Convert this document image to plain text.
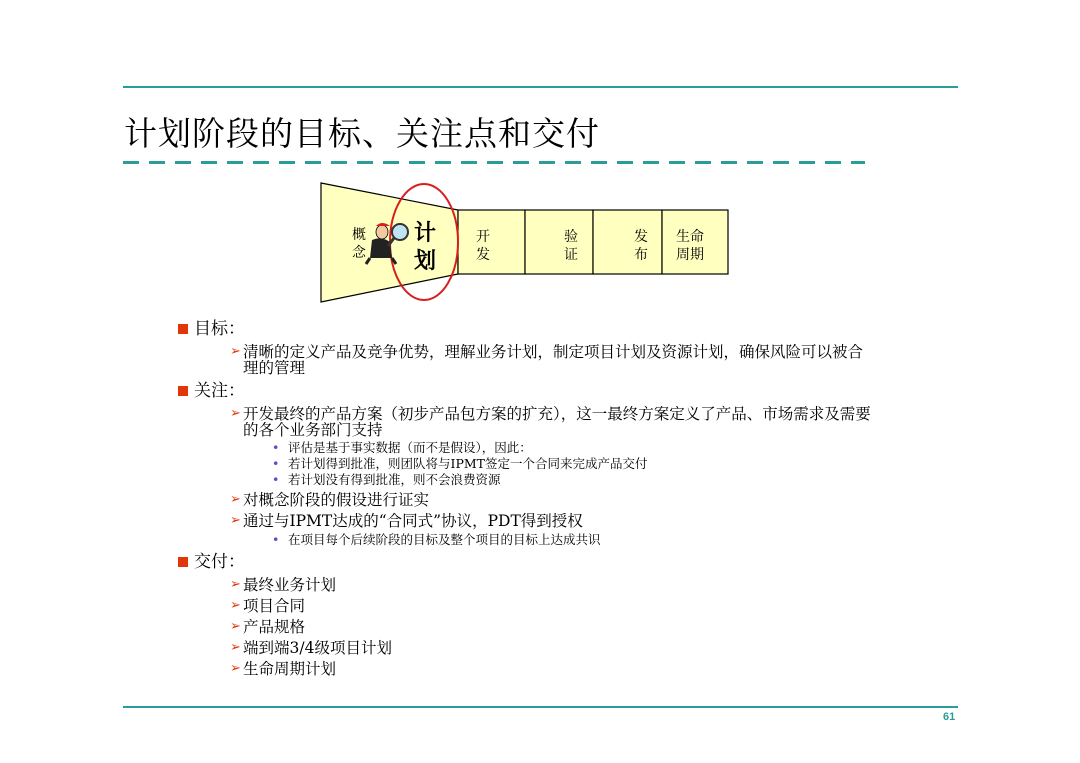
计划阶段的目标、关注点和交付
概
念
计
划
开
发
验
证
发
布
生命
周期
目标：
➢ 清晰的定义产品及竞争优势，理解业务计划，制定项目计划及资源计划，确保风险可以被合理的管理
关注：
➢ 开发最终的产品方案（初步产品包方案的扩充），这一最终方案定义了产品、市场需求及需要的各个业务部门支持
• 评估是基于事实数据（而不是假设），因此：
• 若计划得到批准，则团队将与IPMT签定一个合同来完成产品交付
• 若计划没有得到批准，则不会浪费资源
➢ 对概念阶段的假设进行证实
➢ 通过与IPMT达成的“合同式”协议，PDT得到授权
• 在项目每个后续阶段的目标及整个项目的目标上达成共识
交付：
➢ 最终业务计划
➢ 项目合同
➢ 产品规格
➢ 端到端3/4级项目计划
➢ 生命周期计划
61
